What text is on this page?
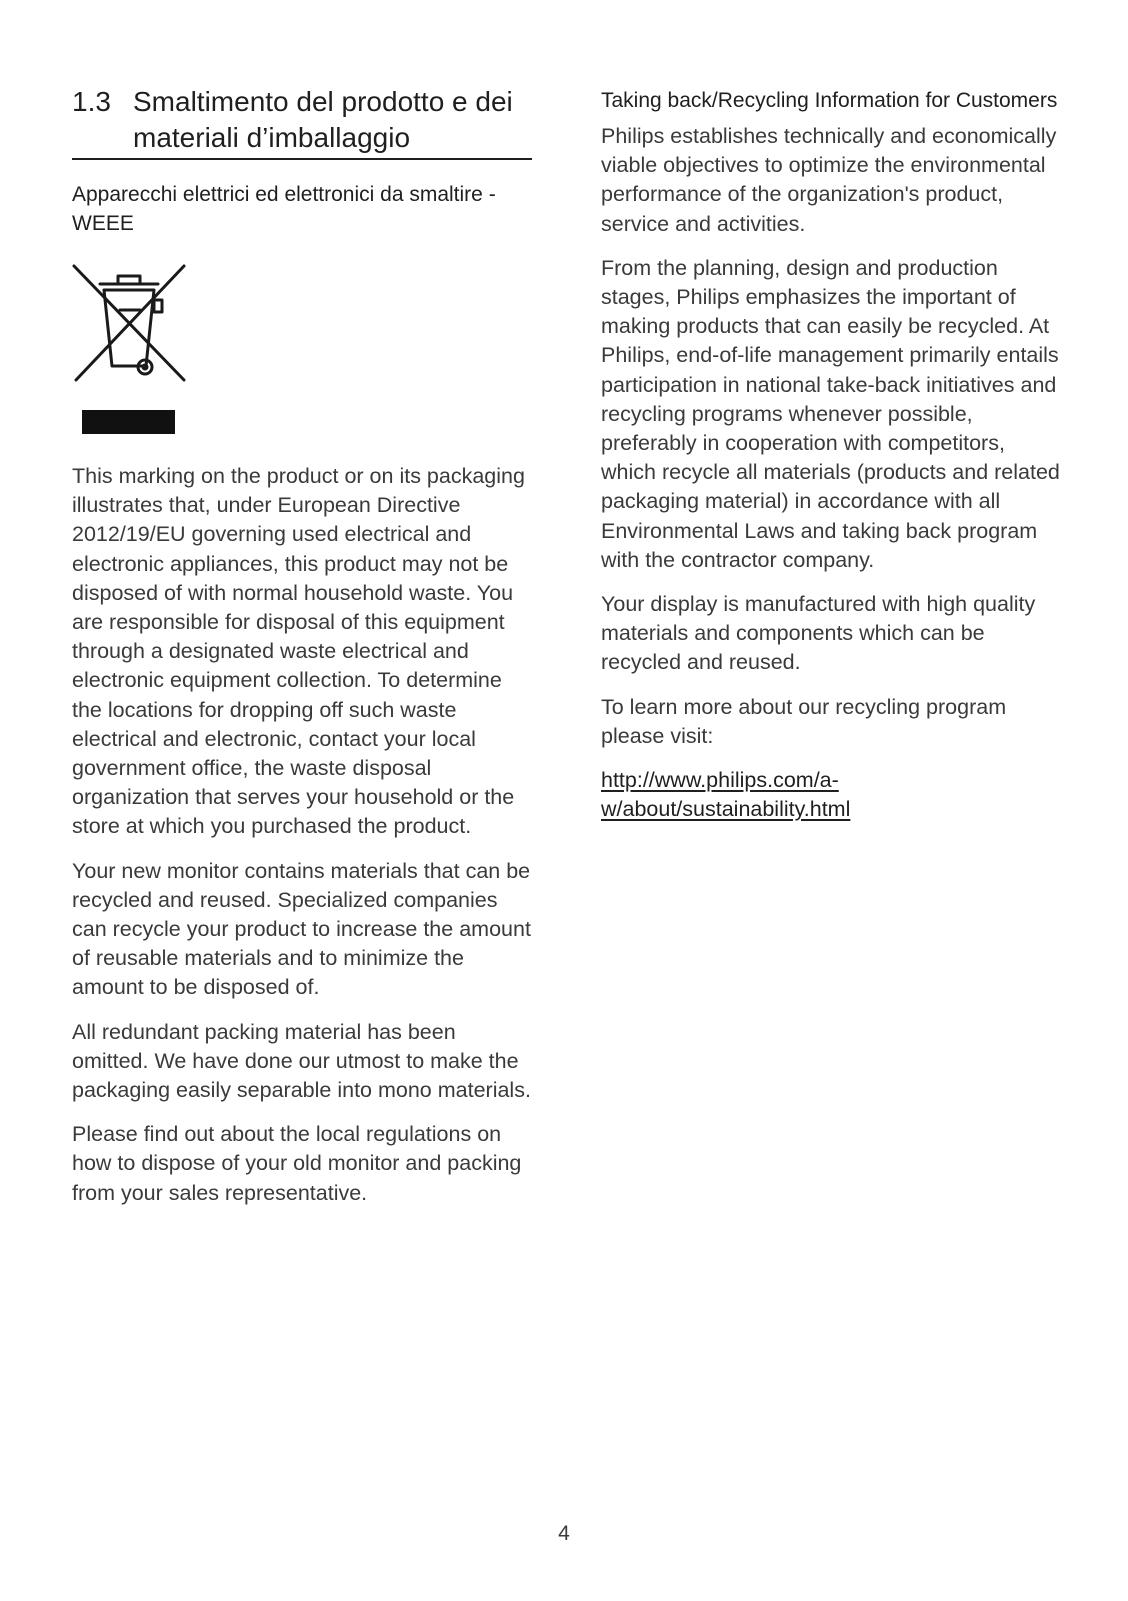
1.3 Smaltimento del prodotto e dei materiali d’imballaggio
Apparecchi elettrici ed elettronici da smaltire - WEEE

This marking on the product or on its packaging illustrates that, under European Directive 2012/19/EU governing used electrical and electronic appliances, this product may not be disposed of with normal household waste. You are responsible for disposal of this equipment through a designated waste electrical and electronic equipment collection. To determine the locations for dropping off such waste electrical and electronic, contact your local government office, the waste disposal organization that serves your household or the store at which you purchased the product.

Your new monitor contains materials that can be recycled and reused. Specialized companies can recycle your product to increase the amount of reusable materials and to minimize the amount to be disposed of.

All redundant packing material has been omitted. We have done our utmost to make the packaging easily separable into mono materials.

Please find out about the local regulations on how to dispose of your old monitor and packing from your sales representative.

Taking back/Recycling Information for Customers

Philips establishes technically and economically viable objectives to optimize the environmental performance of the organization's product, service and activities.

From the planning, design and production stages, Philips emphasizes the important of making products that can easily be recycled. At Philips, end-of-life management primarily entails participation in national take-back initiatives and recycling programs whenever possible, preferably in cooperation with competitors, which recycle all materials (products and related packaging material) in accordance with all Environmental Laws and taking back program with the contractor company.

Your display is manufactured with high quality materials and components which can be recycled and reused.

To learn more about our recycling program please visit:

http://www.philips.com/a-w/about/sustainability.html

4
